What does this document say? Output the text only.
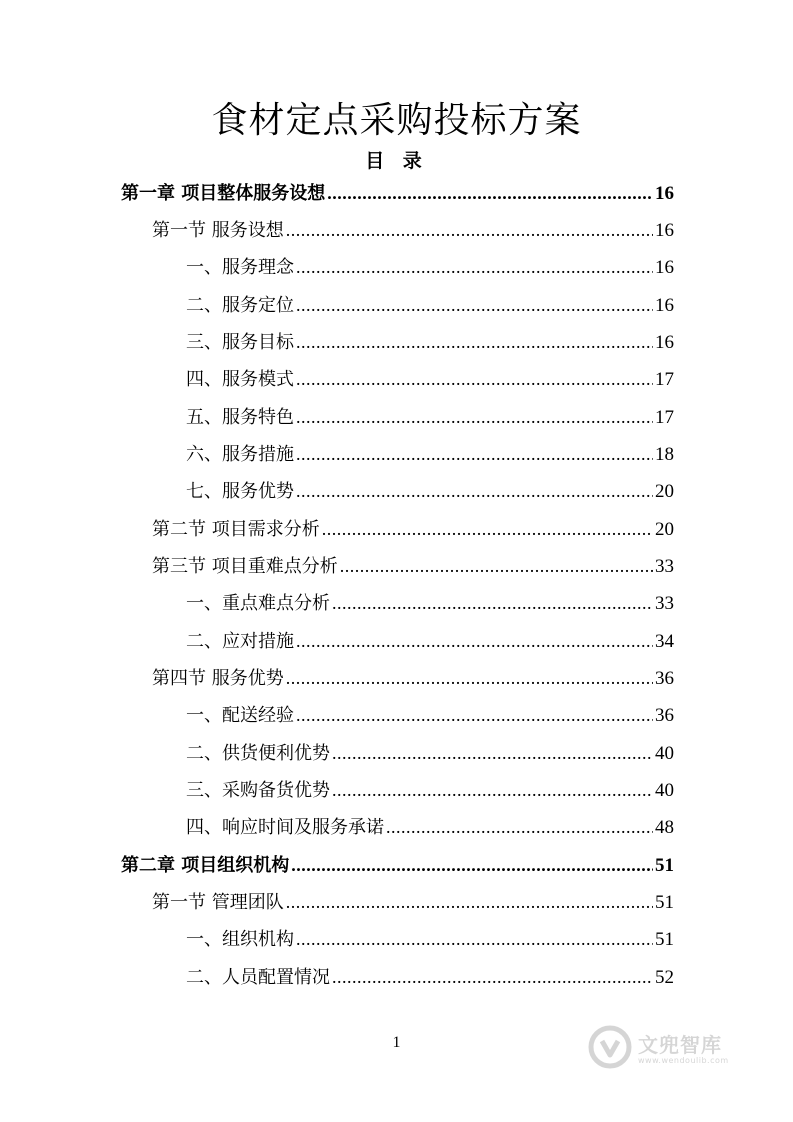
食材定点采购投标方案
目 录
第一章 项目整体服务设想 .....	16
第一节 服务设想 .....	16
一、服务理念 .....	16
二、服务定位 .....	16
三、服务目标 .....	16
四、服务模式 .....	17
五、服务特色 .....	17
六、服务措施 .....	18
七、服务优势 .....	20
第二节 项目需求分析 .....	20
第三节 项目重难点分析 .....	33
一、重点难点分析 .....	33
二、应对措施 .....	34
第四节 服务优势 .....	36
一、配送经验 .....	36
二、供货便利优势 .....	40
三、采购备货优势 .....	40
四、响应时间及服务承诺 .....	48
第二章 项目组织机构 .....	51
第一节 管理团队 .....	51
一、组织机构 .....	51
二、人员配置情况 .....	52
1	文兜智库
www.wendoulib.com
